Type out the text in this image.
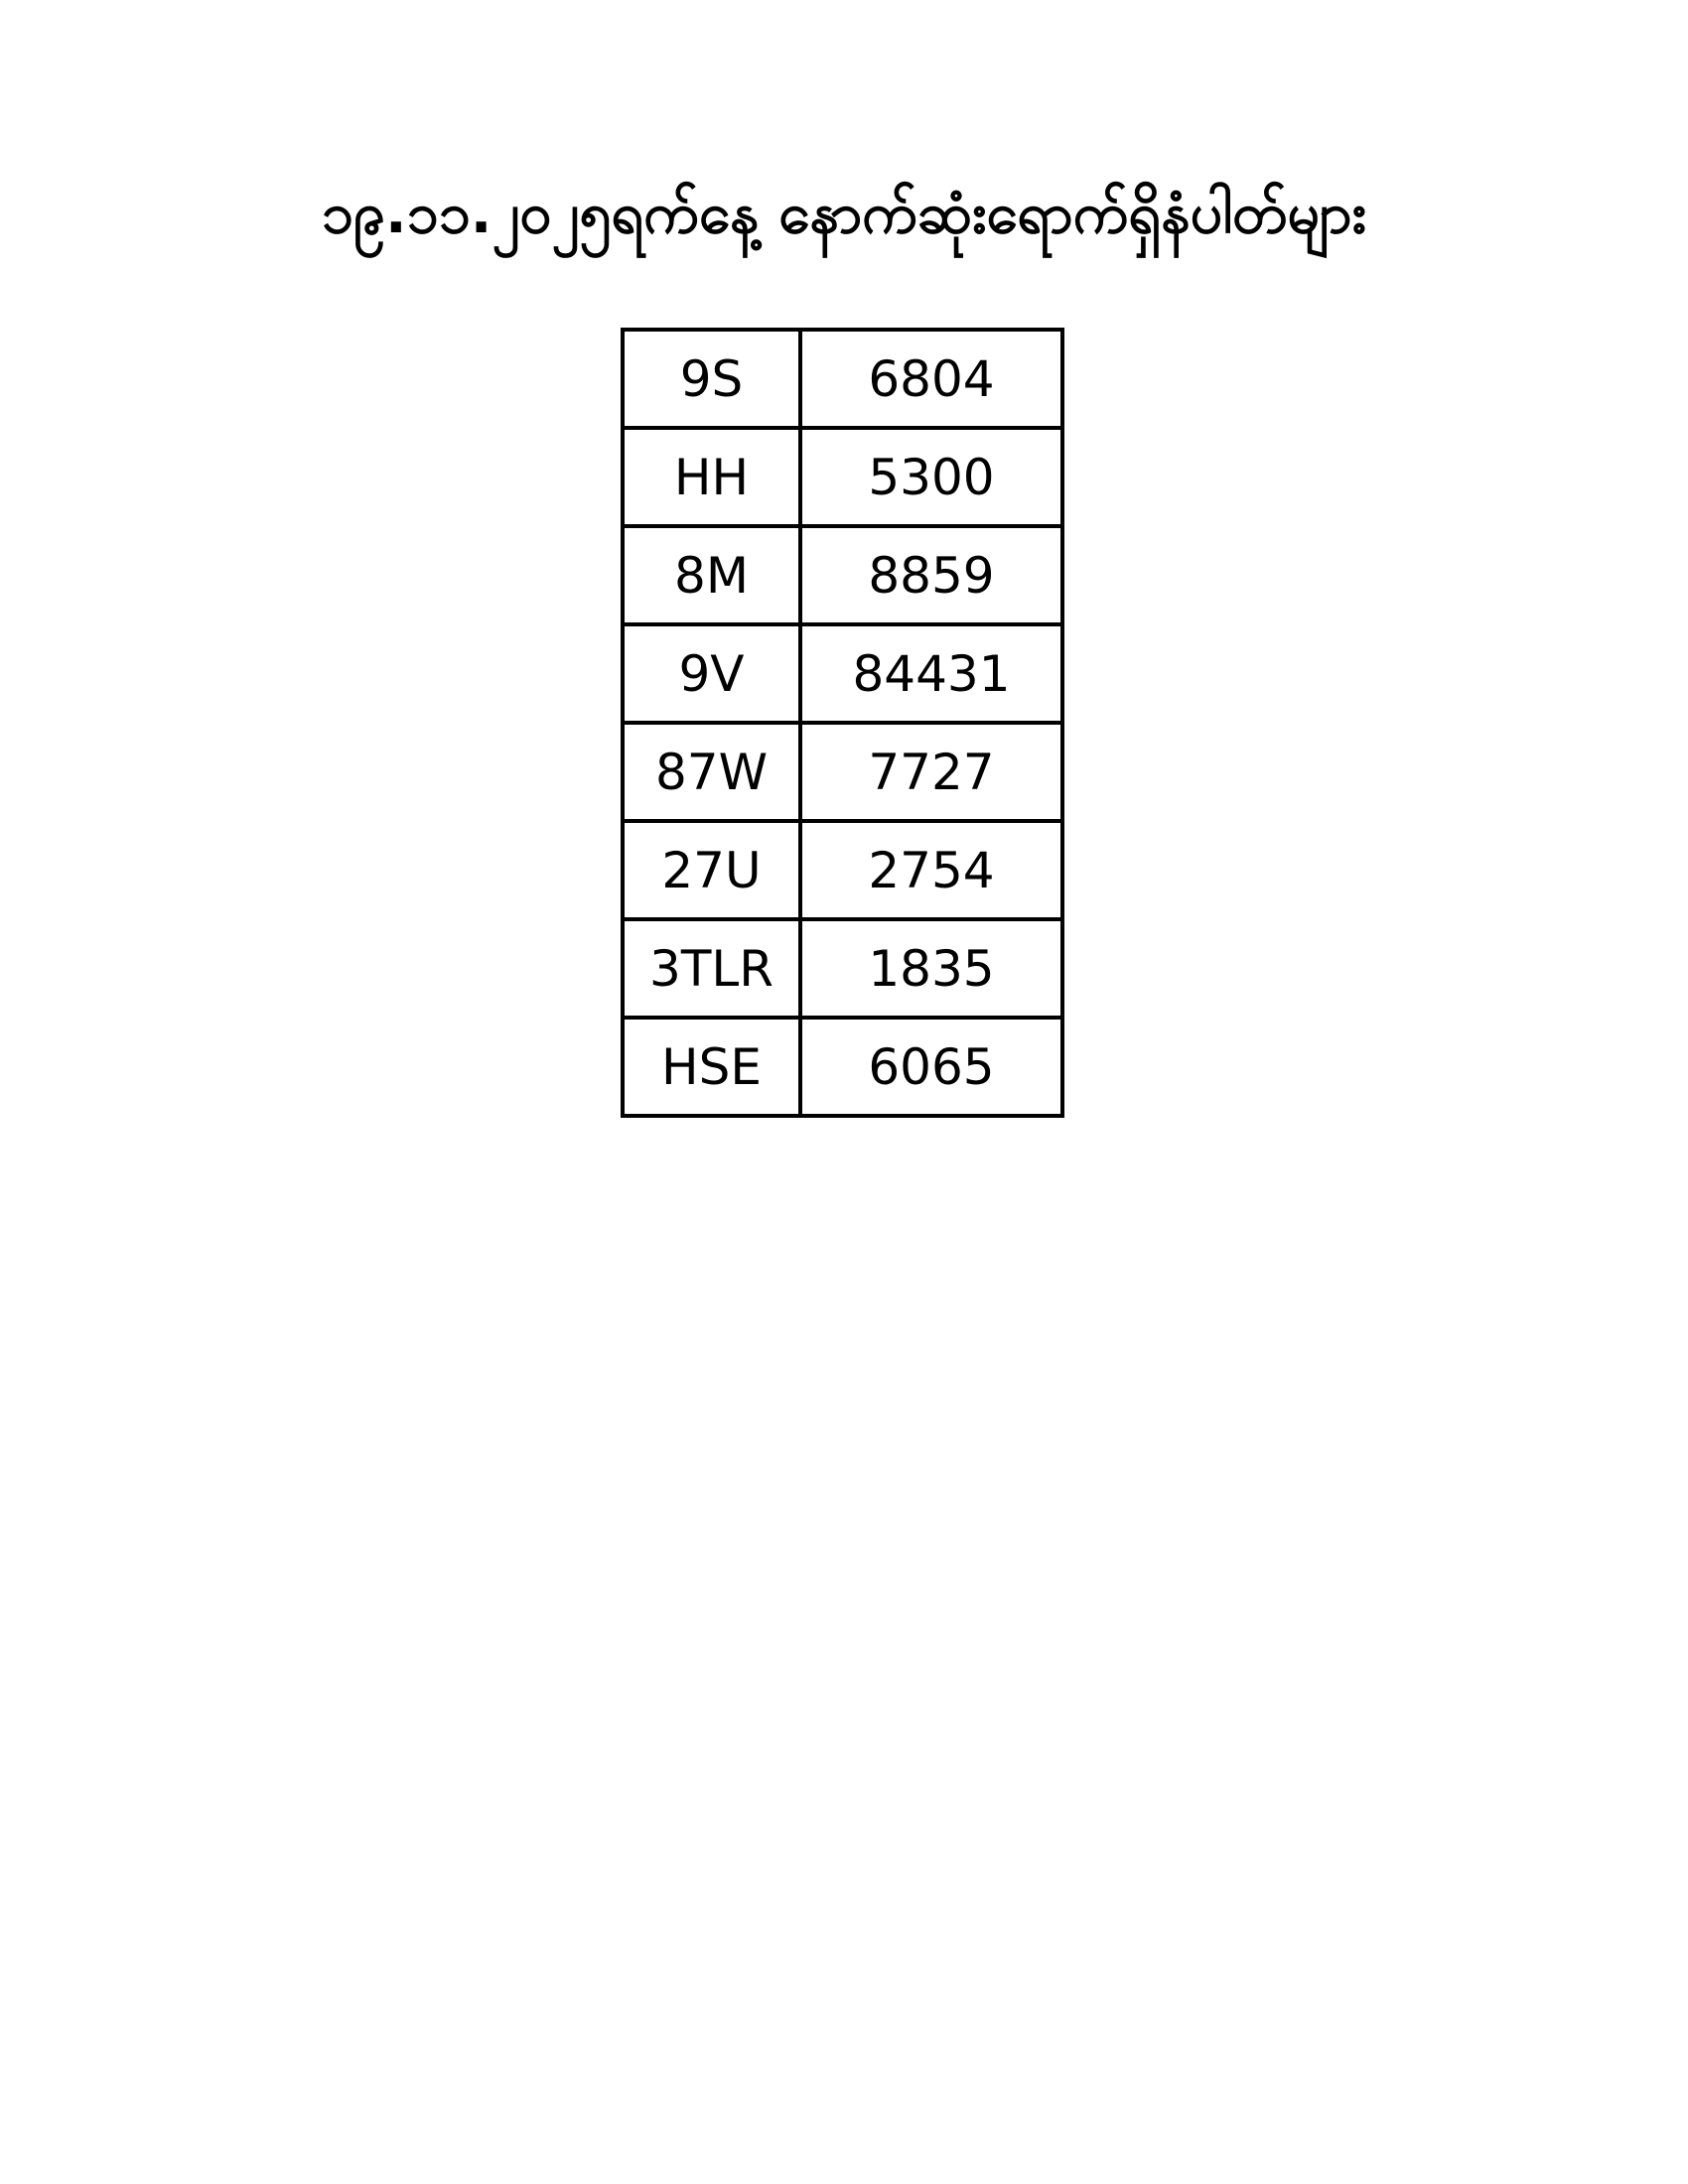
၁၉.၁၁.၂၀၂၅ရက်နေ့ နောက်ဆုံးရောက်ရှိနံပါတ်များ
9S	6804
HH	5300
8M	8859
9V	84431
87W	7727
27U	2754
3TLR	1835
HSE	6065
